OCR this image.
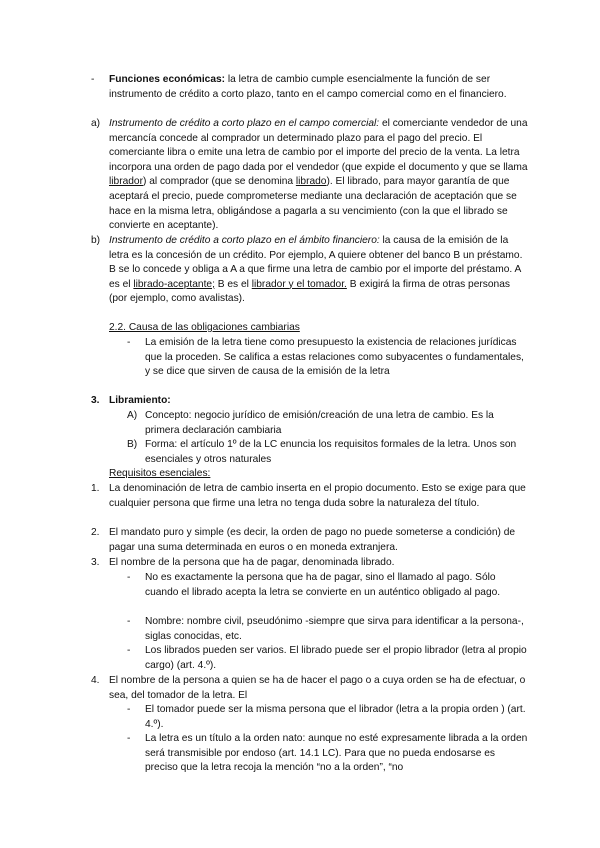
- Funciones económicas: la letra de cambio cumple esencialmente la función de ser instrumento de crédito a corto plazo, tanto en el campo comercial como en el financiero.
a) Instrumento de crédito a corto plazo en el campo comercial: el comerciante vendedor de una mercancía concede al comprador un determinado plazo para el pago del precio. El comerciante libra o emite una letra de cambio por el importe del precio de la venta. La letra incorpora una orden de pago dada por el vendedor (que expide el documento y que se llama librador) al comprador (que se denomina librado). El librado, para mayor garantía de que aceptará el precio, puede comprometerse mediante una declaración de aceptación que se hace en la misma letra, obligándose a pagarla a su vencimiento (con la que el librado se convierte en aceptante).
b) Instrumento de crédito a corto plazo en el ámbito financiero: la causa de la emisión de la letra es la concesión de un crédito. Por ejemplo, A quiere obtener del banco B un préstamo. B se lo concede y obliga a A a que firme una letra de cambio por el importe del préstamo. A es el librado-aceptante; B es el librador y el tomador. B exigirá la firma de otras personas (por ejemplo, como avalistas).
2.2. Causa de las obligaciones cambiarias
- La emisión de la letra tiene como presupuesto la existencia de relaciones jurídicas que la proceden. Se califica a estas relaciones como subyacentes o fundamentales, y se dice que sirven de causa de la emisión de la letra
3. Libramiento:
A) Concepto: negocio jurídico de emisión/creación de una letra de cambio. Es la primera declaración cambiaria
B) Forma: el artículo 1º de la LC enuncia los requisitos formales de la letra. Unos son esenciales y otros naturales
Requisitos esenciales:
1. La denominación de letra de cambio inserta en el propio documento. Esto se exige para que cualquier persona que firme una letra no tenga duda sobre la naturaleza del título.
2. El mandato puro y simple (es decir, la orden de pago no puede someterse a condición) de pagar una suma determinada en euros o en moneda extranjera.
3. El nombre de la persona que ha de pagar, denominada librado.
- No es exactamente la persona que ha de pagar, sino el llamado al pago. Sólo cuando el librado acepta la letra se convierte en un auténtico obligado al pago.
- Nombre: nombre civil, pseudónimo -siempre que sirva para identificar a la persona-, siglas conocidas, etc.
- Los librados pueden ser varios. El librado puede ser el propio librador (letra al propio cargo) (art. 4.º).
4. El nombre de la persona a quien se ha de hacer el pago o a cuya orden se ha de efectuar, o sea, del tomador de la letra. El
- El tomador puede ser la misma persona que el librador (letra a la propia orden ) (art. 4.º).
- La letra es un título a la orden nato: aunque no esté expresamente librada a la orden será transmisible por endoso (art. 14.1 LC). Para que no pueda endosarse es preciso que la letra recoja la mención “no a la orden”, “no
